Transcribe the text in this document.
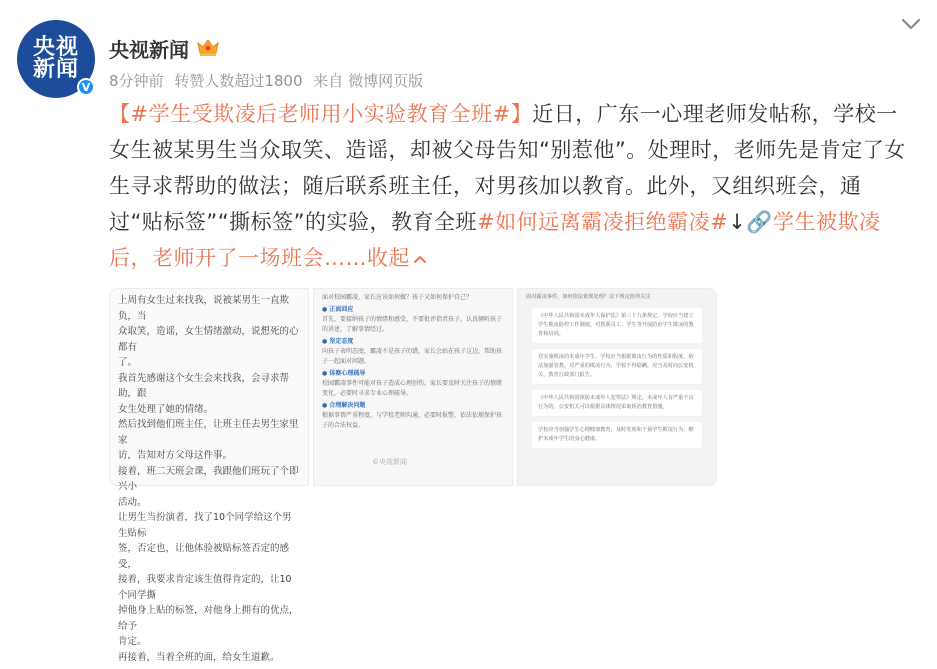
央视
新闻
V
央视新闻
8分钟前 转赞人数超过1800 来自 微博网页版
【#学生受欺凌后老师用小实验教育全班#】近日，广东一心理老师发帖称，学校一女生被某男生当众取笑、造谣，却被父母告知“别惹他”。处理时，老师先是肯定了女生寻求帮助的做法；随后联系班主任，对男孩加以教育。此外，又组织班会，通过“贴标签”“撕标签”的实验，教育全班#如何远离霸凌拒绝霸凌#↓🔗学生被欺凌后，老师开了一场班会……收起
上周有女生过来找我，说被某男生一直欺负，当
众取笑，造谣，女生情绪激动，说想死的心都有
了。
我首先感谢这个女生会来找我，会寻求帮助，跟
女生处理了她的情绪。
然后找到他们班主任，让班主任去男生家里家
访，告知对方父母这件事。
接着，班二天班会课，我跟他们班玩了个即兴小
活动。
让男生当扮演者，找了10个同学给这个男生贴标
签，否定也，让他体验被贴标签否定的感受，
接着，我要求肯定该生值得肯定的，让10个同学撕
掉他身上贴的标签，对他身上拥有的优点，给予
肯定。
再接着，当着全班的面，给女生道歉。
面对校园霸凌，家长应该如何做？孩子又如何保护自己？
● 正面回应
首先，要接纳孩子的情绪和感受，不要批评指责孩子，认真倾听孩子的讲述，了解事情经过。
● 坚定态度
向孩子表明态度，霸凌不是孩子的错，家长会站在孩子这边，帮助孩子一起面对问题。
● 体察心理疏导
校园霸凌事件可能对孩子造成心理创伤，家长要及时关注孩子的情绪变化，必要时寻求专业心理疏导。
● 合理解决问题
根据事情严重程度，与学校老师沟通，必要时报警，依法依规保护孩子的合法权益。
©央视新闻
面对霸凌事件，如何依法依规处理？以下规定值得关注
《中华人民共和国未成年人保护法》第三十九条规定，学校应当建立学生欺凌防控工作制度，对教职员工、学生等开展防治学生欺凌的教育和培训。
对实施欺凌的未成年学生，学校应当根据欺凌行为的性质和程度，依法加强管教。对严重的欺凌行为，学校不得隐瞒，应当及时向公安机关、教育行政部门报告。
《中华人民共和国预防未成年人犯罪法》规定，未成年人有严重不良行为的，公安机关可以根据具体情况采取矫治教育措施。
学校应当加强学生心理健康教育，及时发现和干预学生欺凌行为，维护未成年学生的身心健康。
